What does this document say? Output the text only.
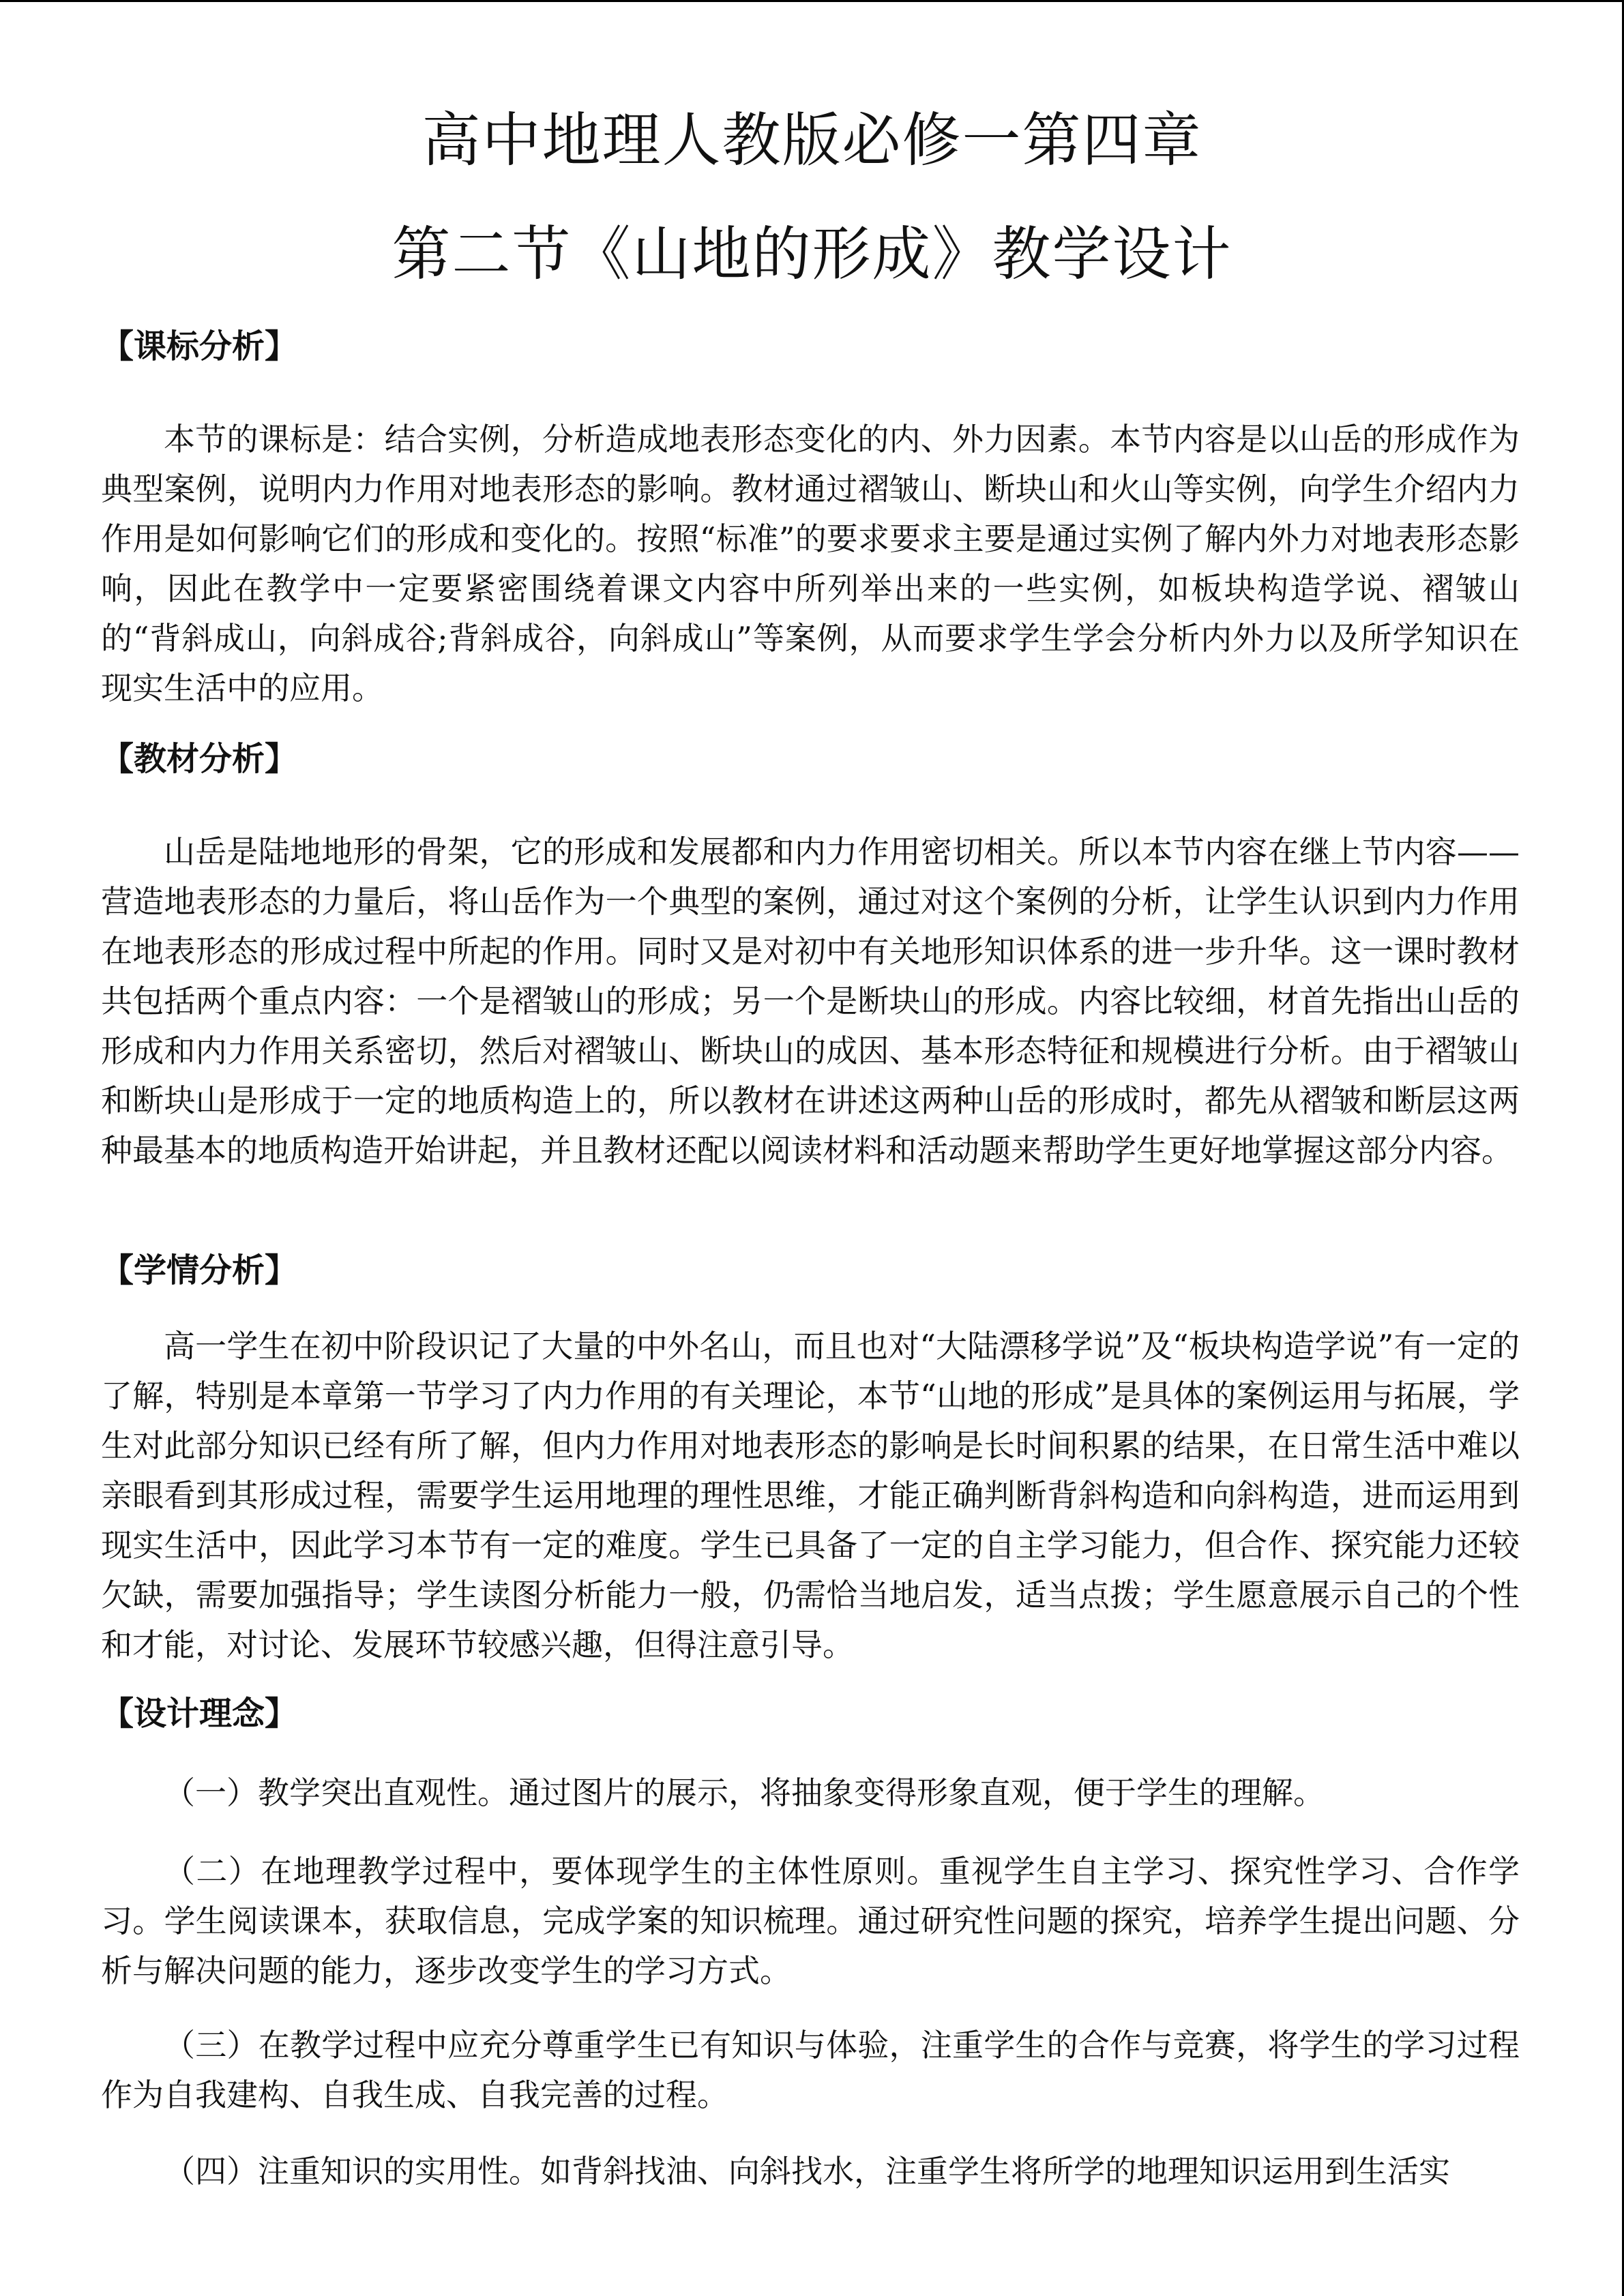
高中地理人教版必修一第四章
第二节《山地的形成》教学设计
【课标分析】

本节的课标是：结合实例，分析造成地表形态变化的内、外力因素。本节内容是以山岳的形成作为典型案例，说明内力作用对地表形态的影响。教材通过褶皱山、断块山和火山等实例，向学生介绍内力作用是如何影响它们的形成和变化的。按照“标准”的要求要求主要是通过实例了解内外力对地表形态影响，因此在教学中一定要紧密围绕着课文内容中所列举出来的一些实例，如板块构造学说、褶皱山的“背斜成山，向斜成谷;背斜成谷，向斜成山”等案例，从而要求学生学会分析内外力以及所学知识在现实生活中的应用。

【教材分析】

山岳是陆地地形的骨架，它的形成和发展都和内力作用密切相关。所以本节内容在继上节内容——营造地表形态的力量后，将山岳作为一个典型的案例，通过对这个案例的分析，让学生认识到内力作用在地表形态的形成过程中所起的作用。同时又是对初中有关地形知识体系的进一步升华。这一课时教材共包括两个重点内容：一个是褶皱山的形成；另一个是断块山的形成。内容比较细，材首先指出山岳的形成和内力作用关系密切，然后对褶皱山、断块山的成因、基本形态特征和规模进行分析。由于褶皱山和断块山是形成于一定的地质构造上的，所以教材在讲述这两种山岳的形成时，都先从褶皱和断层这两种最基本的地质构造开始讲起，并且教材还配以阅读材料和活动题来帮助学生更好地掌握这部分内容。

【学情分析】

高一学生在初中阶段识记了大量的中外名山，而且也对“大陆漂移学说”及“板块构造学说”有一定的了解，特别是本章第一节学习了内力作用的有关理论，本节“山地的形成”是具体的案例运用与拓展，学生对此部分知识已经有所了解，但内力作用对地表形态的影响是长时间积累的结果，在日常生活中难以亲眼看到其形成过程，需要学生运用地理的理性思维，才能正确判断背斜构造和向斜构造，进而运用到现实生活中，因此学习本节有一定的难度。学生已具备了一定的自主学习能力，但合作、探究能力还较欠缺，需要加强指导；学生读图分析能力一般，仍需恰当地启发，适当点拨；学生愿意展示自己的个性和才能，对讨论、发展环节较感兴趣，但得注意引导。

【设计理念】

（一）教学突出直观性。通过图片的展示，将抽象变得形象直观，便于学生的理解。

（二）在地理教学过程中，要体现学生的主体性原则。重视学生自主学习、探究性学习、合作学习。学生阅读课本，获取信息，完成学案的知识梳理。通过研究性问题的探究，培养学生提出问题、分析与解决问题的能力，逐步改变学生的学习方式。

（三）在教学过程中应充分尊重学生已有知识与体验，注重学生的合作与竞赛，将学生的学习过程作为自我建构、自我生成、自我完善的过程。

（四）注重知识的实用性。如背斜找油、向斜找水，注重学生将所学的地理知识运用到生活实
